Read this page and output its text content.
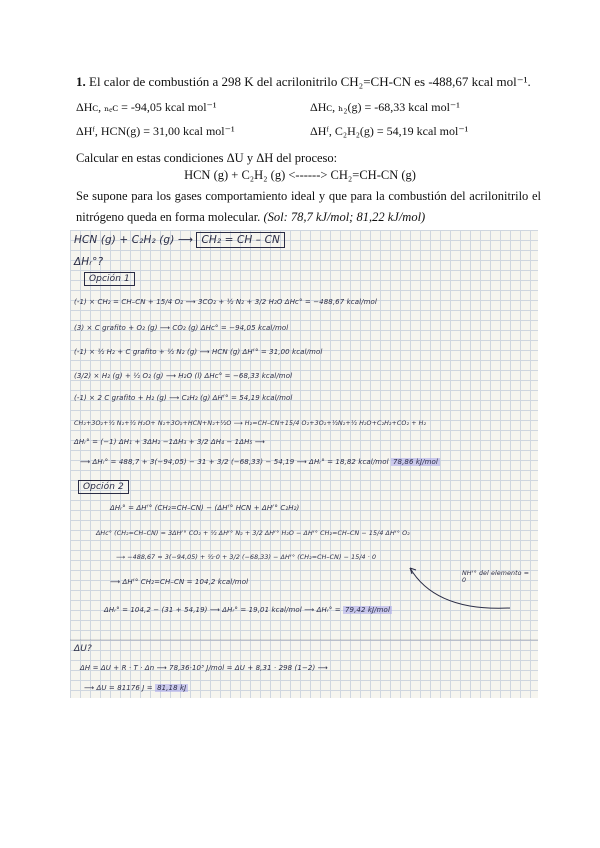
1. El calor de combustión a 298 K del acrilonitrilo CH₂=CH-CN es -488,67 kcal mol⁻¹.

ΔHᴄ, ₙₑᴄ = -94,05 kcal mol⁻¹	ΔHᴄ, ₕ₂(g) = -68,33 kcal mol⁻¹
ΔHᶠ, HCN(g) = 31,00 kcal mol⁻¹	ΔHᶠ, C₂H₂(g) = 54,19 kcal mol⁻¹
Calcular en estas condiciones ΔU y ΔH del proceso:
HCN (g) + C₂H₂ (g) <------> CH₂=CH-CN (g)
Se supone para los gases comportamiento ideal y que para la combustión del acrilonitrilo el nitrógeno queda en forma molecular. (Sol: 78,7 kJ/mol; 81,22 kJ/mol)
HCN (g) + C₂H₂ (g) ⟶ CH₂ = CH – CN
ΔHᵣ°?
Opción 1
(-1) × CH₂ = CH–CN + 15/4 O₂ ⟶ 3CO₂ + ½ N₂ + 3/2 H₂O ΔHᴄ° = −488,67 kcal/mol
(3) × C grafito + O₂ (g) ⟶ CO₂ (g) ΔHᴄ° = −94,05 kcal/mol
(-1) × ½ H₂ + C grafito + ½ N₂ (g) ⟶ HCN (g) ΔHᶠ° = 31,00 kcal/mol
(3/2) × H₂ (g) + ½ O₂ (g) ⟶ H₂O (l) ΔHᴄ° = −68,33 kcal/mol
(-1) × 2 C grafito + H₂ (g) ⟶ C₂H₂ (g) ΔHᶠ° = 54,19 kcal/mol
CH₂+3O₂+½ N₂+½ H₂O+ N₂+3O₂+HCN+N₂+½O ⟶ H₂=CH–CN+15/4 O₂+3O₂+½N₂+½ H₂O+C₂H₂+CO₂ + H₂
ΔHᵣ° = (−1) ΔH₁ + 3ΔH₂ −1ΔH₃ + 3/2 ΔH₄ − 1ΔH₅ ⟶
⟶ ΔHᵣ° = 488,7 + 3(−94,05) − 31 + 3/2 (−68,33) − 54,19 ⟶ ΔHᵣ° = 18,82 kcal/mol 78,86 kJ/mol
Opción 2
ΔHᵣ° = ΔHᶠ° (CH₂=CH–CN) − (ΔHᶠ° HCN + ΔHᶠ° C₂H₂)
ΔHᴄ° (CH₂=CH–CN) = 3ΔHᶠ° CO₂ + ½ ΔHᶠ° N₂ + 3/2 ΔHᶠ° H₂O − ΔHᶠ° CH₂=CH–CN − 15/4 ΔHᶠ° O₂
⟶ −488,67 = 3(−94,05) + ½·0 + 3/2 (−68,33) − ΔHᶠ° (CH₂=CH–CN) − 15/4 · 0
⟶ ΔHᶠ° CH₂=CH–CN = 104,2 kcal/mol
NHᶠ° del elemento = 0
ΔHᵣ° = 104,2 − (31 + 54,19) ⟶ ΔHᵣ° = 19,01 kcal/mol ⟶ ΔHᵣ° = 79,42 kJ/mol
ΔU?
ΔH = ΔU + R · T · Δn ⟶ 78,36·10³ J/mol = ΔU + 8,31 · 298 (1−2) ⟶
⟶ ΔU = 81176 J = 81,18 kJ
